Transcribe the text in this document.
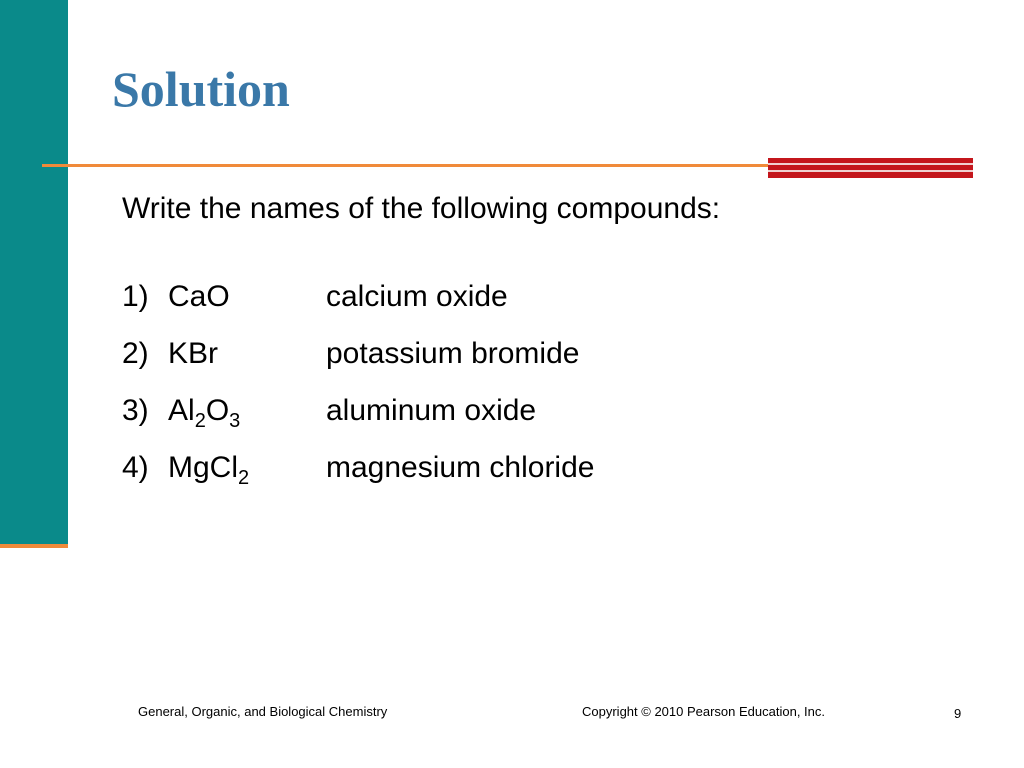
Solution

Write the names of the following compounds:

1) CaO	calcium oxide
2) KBr	potassium bromide
3) $Al_2O_3$	aluminum oxide
4) MgCl$_2$	magnesium chloride
General, Organic, and Biological Chemistry	Copyright © 2010 Pearson Education, Inc.	9
